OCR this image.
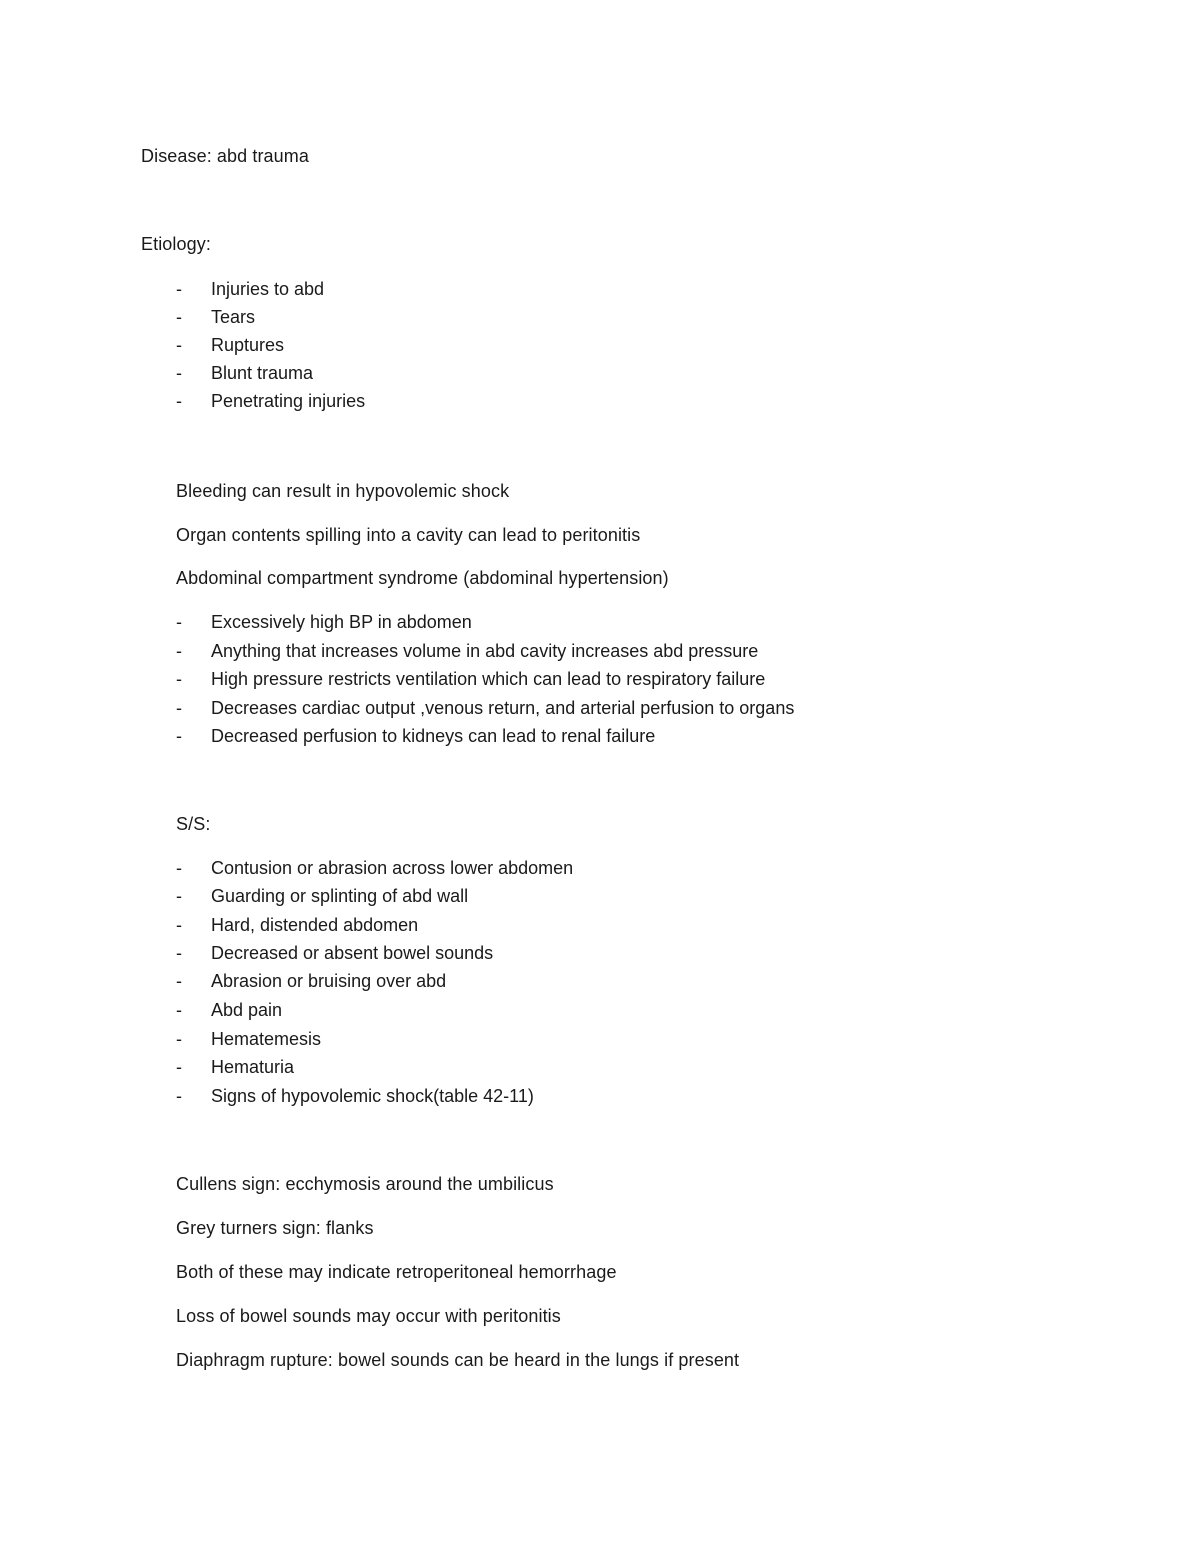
Disease: abd trauma
Etiology:
-	Injuries to abd
-	Tears
-	Ruptures
-	Blunt trauma
-	Penetrating injuries
Bleeding can result in hypovolemic shock
Organ contents spilling into a cavity can lead to peritonitis
Abdominal compartment syndrome (abdominal hypertension)
-	Excessively high BP in abdomen
-	Anything that increases volume in abd cavity increases abd pressure
-	High pressure restricts ventilation which can lead to respiratory failure
-	Decreases cardiac output ,venous return, and arterial perfusion to organs
-	Decreased perfusion to kidneys can lead to renal failure
S/S:
-	Contusion or abrasion across lower abdomen
-	Guarding or splinting of abd wall
-	Hard, distended abdomen
-	Decreased or absent bowel sounds
-	Abrasion or bruising over abd
-	Abd pain
-	Hematemesis
-	Hematuria
-	Signs of hypovolemic shock(table 42-11)
Cullens sign: ecchymosis around the umbilicus
Grey turners sign: flanks
Both of these may indicate retroperitoneal hemorrhage
Loss of bowel sounds may occur with peritonitis
Diaphragm rupture: bowel sounds can be heard in the lungs if present
